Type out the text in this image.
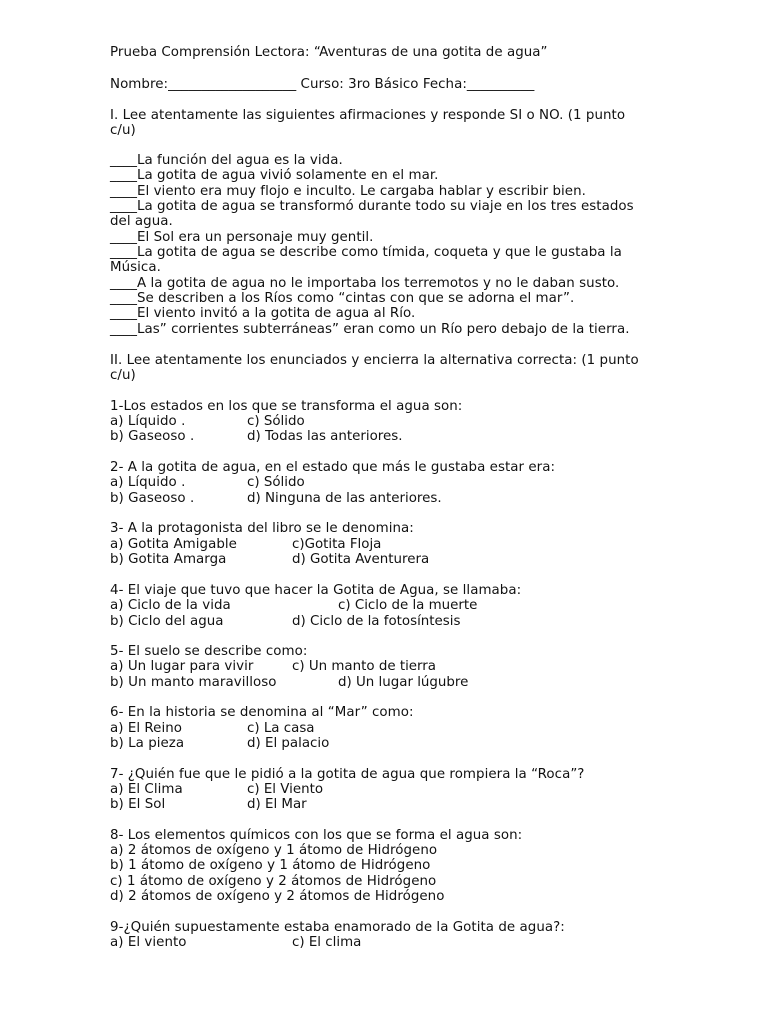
Prueba Comprensión Lectora: “Aventuras de una gotita de agua”
Nombre:___________________ Curso: 3ro Básico Fecha:__________
I. Lee atentamente las siguientes afirmaciones y responde SI o NO. (1 punto
c/u)
____La función del agua es la vida.
____La gotita de agua vivió solamente en el mar.
____El viento era muy flojo e inculto. Le cargaba hablar y escribir bien.
____La gotita de agua se transformó durante todo su viaje en los tres estados
del agua.
____El Sol era un personaje muy gentil.
____La gotita de agua se describe como tímida, coqueta y que le gustaba la
Música.
____A la gotita de agua no le importaba los terremotos y no le daban susto.
____Se describen a los Ríos como “cintas con que se adorna el mar”.
____El viento invitó a la gotita de agua al Río.
____Las” corrientes subterráneas” eran como un Río pero debajo de la tierra.
II. Lee atentamente los enunciados y encierra la alternativa correcta: (1 punto
c/u)
1-Los estados en los que se transforma el agua son:
a) Líquido .	c) Sólido
b) Gaseoso .	d) Todas las anteriores.
2- A la gotita de agua, en el estado que más le gustaba estar era:
a) Líquido .	c) Sólido
b) Gaseoso .	d) Ninguna de las anteriores.
3- A la protagonista del libro se le denomina:
a) Gotita Amigable	c)Gotita Floja
b) Gotita Amarga	d) Gotita Aventurera
4- El viaje que tuvo que hacer la Gotita de Agua, se llamaba:
a) Ciclo de la vida	c) Ciclo de la muerte
b) Ciclo del agua	d) Ciclo de la fotosíntesis
5- El suelo se describe como:
a) Un lugar para vivir	c) Un manto de tierra
b) Un manto maravilloso	d) Un lugar lúgubre
6- En la historia se denomina al “Mar” como:
a) El Reino	c) La casa
b) La pieza	d) El palacio
7- ¿Quién fue que le pidió a la gotita de agua que rompiera la “Roca”?
a) El Clima	c) El Viento
b) El Sol	d) El Mar
8- Los elementos químicos con los que se forma el agua son:
a) 2 átomos de oxígeno y 1 átomo de Hidrógeno
b) 1 átomo de oxígeno y 1 átomo de Hidrógeno
c) 1 átomo de oxígeno y 2 átomos de Hidrógeno
d) 2 átomos de oxígeno y 2 átomos de Hidrógeno
9-¿Quién supuestamente estaba enamorado de la Gotita de agua?:
a) El viento	c) El clima
